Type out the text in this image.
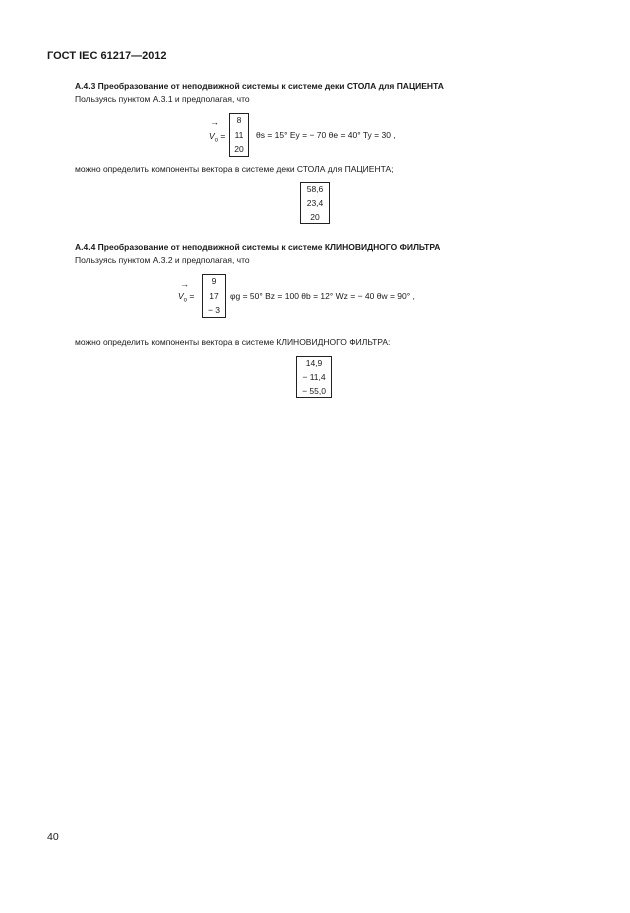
ГОСТ IEC 61217—2012
А.4.3 Преобразование от неподвижной системы к системе деки СТОЛА для ПАЦИЕНТА
Пользуясь пунктом А.3.1 и предполагая, что
→
$V_o$ =
8
11
20
θs = 15° Ey = − 70 θe = 40° Ty = 30 ,
можно определить компоненты вектора в системе деки СТОЛА для ПАЦИЕНТА;
58,6
23,4
20
А.4.4 Преобразование от неподвижной системы к системе КЛИНОВИДНОГО ФИЛЬТРА
Пользуясь пунктом А.3.2 и предполагая, что
→
$V_o$ =
9
17
− 3
φg = 50° Bz = 100 θb = 12° Wz = − 40 θw = 90° ,
можно определить компоненты вектора в системе КЛИНОВИДНОГО ФИЛЬТРА:
14,9
− 11,4
− 55,0
40
